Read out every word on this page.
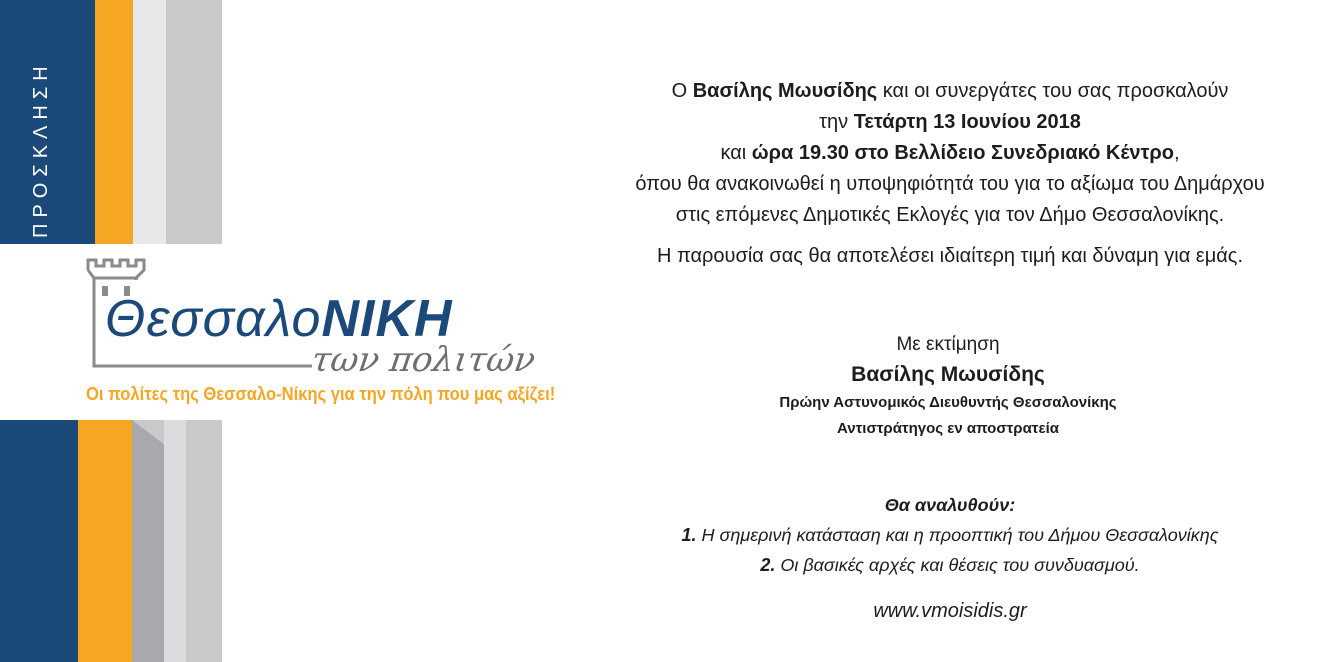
ΠΡΟΣΚΛΗΣΗ
ΘεσσαλοΝΙΚΗ
των πολιτών
Οι πολίτες της Θεσσαλο-Νίκης για την πόλη που μας αξίζει!

Ο Βασίλης Μωυσίδης και οι συνεργάτες του σας προσκαλούν

την Τετάρτη 13 Ιουνίου 2018

και ώρα 19.30 στο Βελλίδειο Συνεδριακό Κέντρο,

όπου θα ανακοινωθεί η υποψηφιότητά του για το αξίωμα του Δημάρχου

στις επόμενες Δημοτικές Εκλογές για τον Δήμο Θεσσαλονίκης.

Η παρουσία σας θα αποτελέσει ιδιαίτερη τιμή και δύναμη για εμάς.

Με εκτίμηση
Βασίλης Μωυσίδης
Πρώην Αστυνομικός Διευθυντής Θεσσαλονίκης
Αντιστράτηγος εν αποστρατεία
Θα αναλυθούν:
1. Η σημερινή κατάσταση και η προοπτική του Δήμου Θεσσαλονίκης
2. Οι βασικές αρχές και θέσεις του συνδυασμού.
www.vmoisidis.gr
